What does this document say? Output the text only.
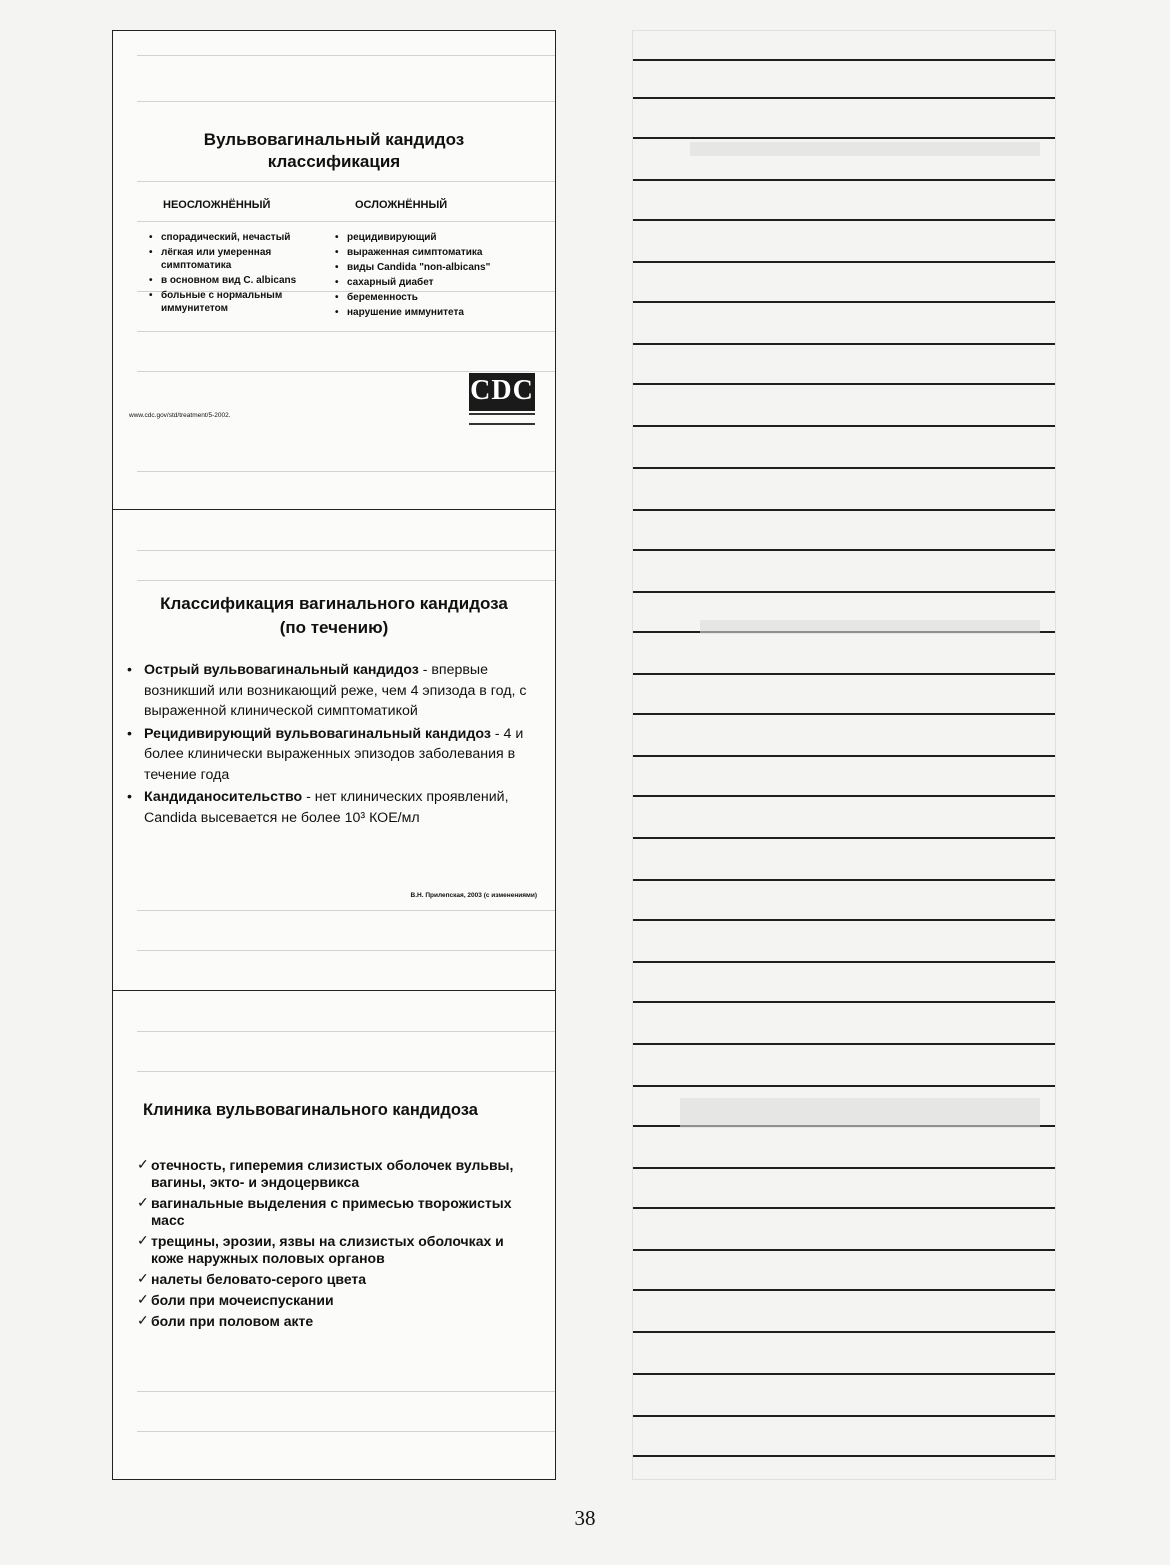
Вульвовагинальный кандидоз
классификация
НЕОСЛОЖНЁННЫЙ	ОСЛОЖНЁННЫЙ
• спорадический, нечастый
• лёгкая или умеренная симптоматика
• в основном вид C. albicans
• больные с нормальным иммунитетом
• рецидивирующий
• выраженная симптоматика
• виды Candida "non-albicans"
• сахарный диабет
• беременность
• нарушение иммунитета
CDC
www.cdc.gov/std/treatment/5-2002.
Классификация вагинального кандидоза
(по течению)
• Острый вульвовагинальный кандидоз - впервые возникший или возникающий реже, чем 4 эпизода в год, с выраженной клинической симптоматикой
• Рецидивирующий вульвовагинальный кандидоз - 4 и более клинически выраженных эпизодов заболевания в течение года
• Кандиданосительство - нет клинических проявлений, Candida высевается не более 10³ КОЕ/мл
В.Н. Прилепская, 2003 (с изменениями)
Клиника вульвовагинального кандидоза
✓ отечность, гиперемия слизистых оболочек вульвы, вагины, экто- и эндоцервикса
✓ вагинальные выделения с примесью творожистых масс
✓ трещины, эрозии, язвы на слизистых оболочках и коже наружных половых органов
✓ налеты беловато-серого цвета
✓ боли при мочеиспускании
✓ боли при половом акте
38
